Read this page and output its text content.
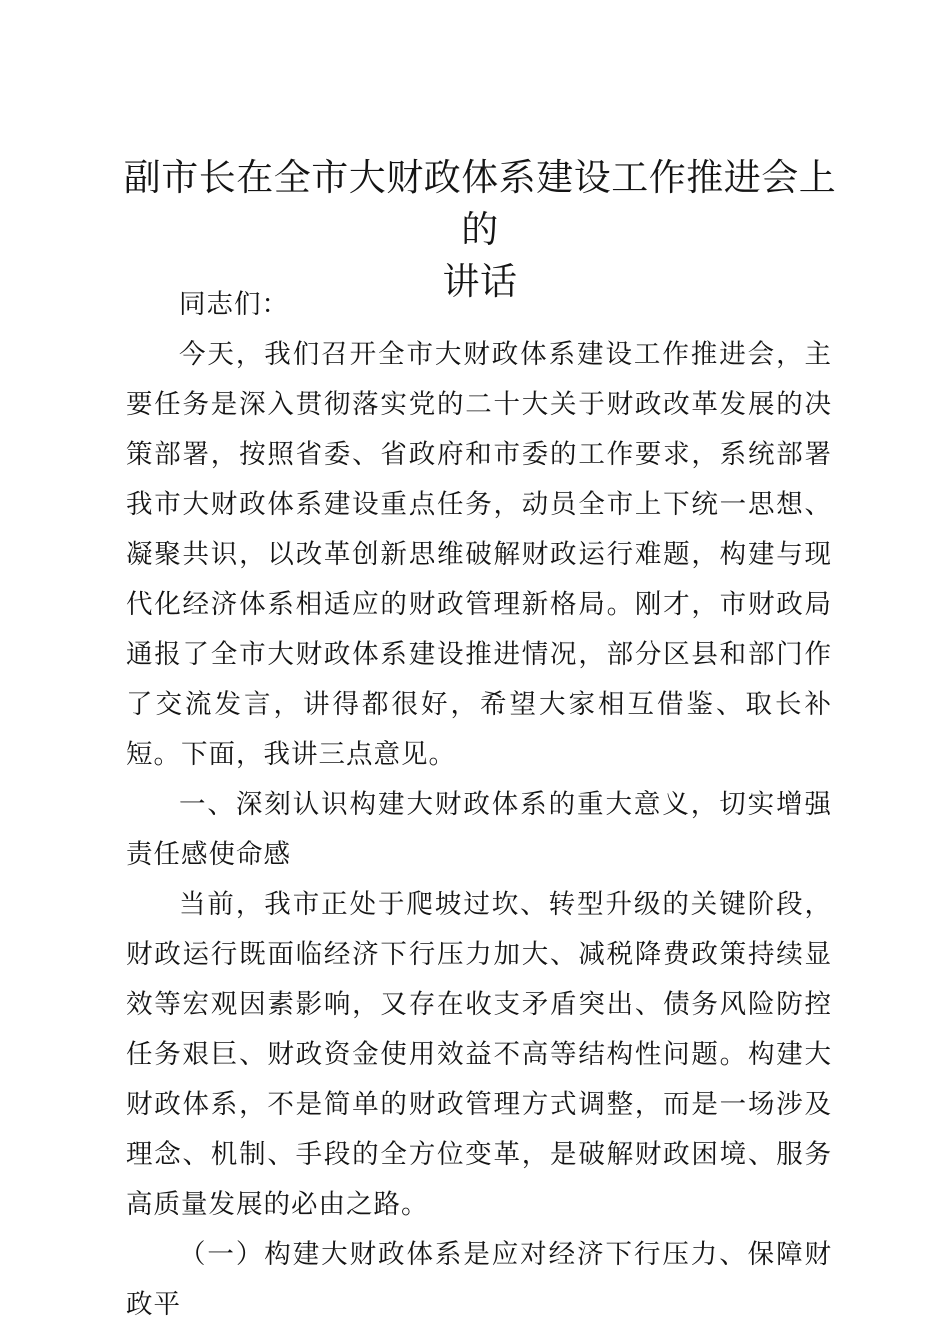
副市长在全市大财政体系建设工作推进会上的
讲话

同志们：

今天，我们召开全市大财政体系建设工作推进会，主要任务是深入贯彻落实党的二十大关于财政改革发展的决策部署，按照省委、省政府和市委的工作要求，系统部署我市大财政体系建设重点任务，动员全市上下统一思想、凝聚共识，以改革创新思维破解财政运行难题，构建与现代化经济体系相适应的财政管理新格局。刚才，市财政局通报了全市大财政体系建设推进情况，部分区县和部门作了交流发言，讲得都很好，希望大家相互借鉴、取长补短。下面，我讲三点意见。

一、深刻认识构建大财政体系的重大意义，切实增强责任感使命感

当前，我市正处于爬坡过坎、转型升级的关键阶段，财政运行既面临经济下行压力加大、减税降费政策持续显效等宏观因素影响，又存在收支矛盾突出、债务风险防控任务艰巨、财政资金使用效益不高等结构性问题。构建大财政体系，不是简单的财政管理方式调整，而是一场涉及理念、机制、手段的全方位变革，是破解财政困境、服务高质量发展的必由之路。

（一）构建大财政体系是应对经济下行压力、保障财政平
